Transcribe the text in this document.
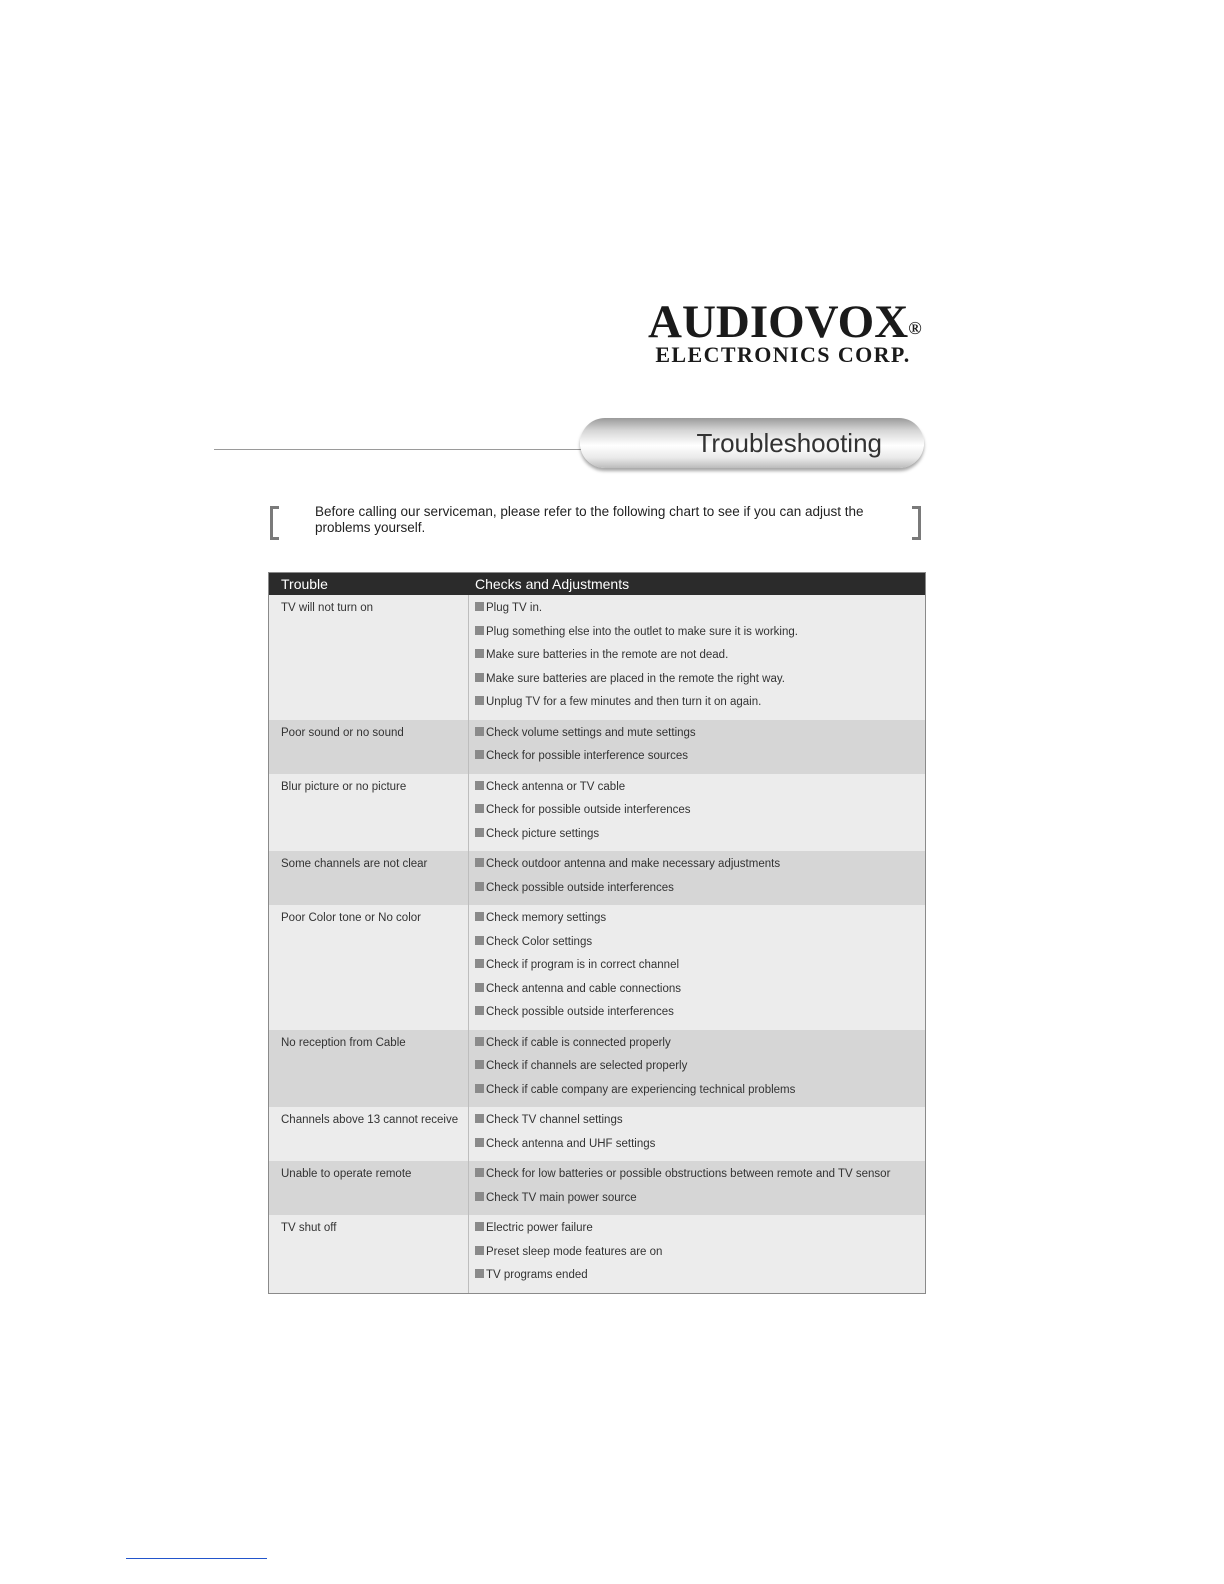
AUDIOVOX®
ELECTRONICS CORP.
Troubleshooting
Before calling our serviceman, please refer to the following chart to see if you can adjust the problems yourself.
Trouble	Checks and Adjustments
TV will not turn on	Plug TV in.
Plug something else into the outlet to make sure it is working.
Make sure batteries in the remote are not dead.
Make sure batteries are placed in the remote the right way.
Unplug TV for a few minutes and then turn it on again.
Poor sound or no sound	Check volume settings and mute settings
Check for possible interference sources
Blur picture or no picture	Check antenna or TV cable
Check for possible outside interferences
Check picture settings
Some channels are not clear	Check outdoor antenna and make necessary adjustments
Check possible outside interferences
Poor Color tone or No color	Check memory settings
Check Color settings
Check if program is in correct channel
Check antenna and cable connections
Check possible outside interferences
No reception from Cable	Check if cable is connected properly
Check if channels are selected properly
Check if cable company are experiencing technical problems
Channels above 13 cannot receive	Check TV channel settings
Check antenna and UHF settings
Unable to operate remote	Check for low batteries or possible obstructions between remote and TV sensor
Check TV main power source
TV shut off	Electric power failure
Preset sleep mode features are on
TV programs ended
